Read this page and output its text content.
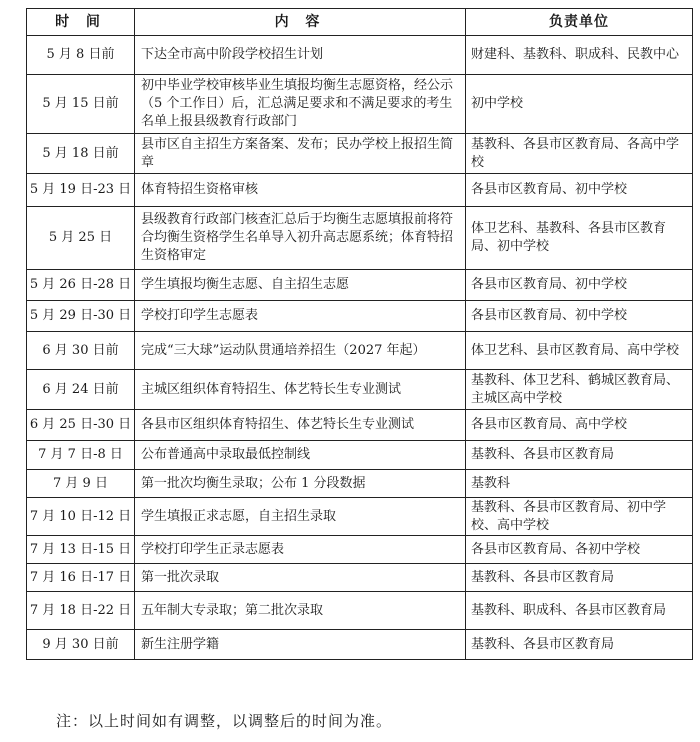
时 间	内 容	负责单位
5 月 8 日前	下达全市高中阶段学校招生计划	财建科、基教科、职成科、民教中心
5 月 15 日前	初中毕业学校审核毕业生填报均衡生志愿资格，经公示（5 个工作日）后，汇总满足要求和不满足要求的考生名单上报县级教育行政部门	初中学校
5 月 18 日前	县市区自主招生方案备案、发布；民办学校上报招生简章	基教科、各县市区教育局、各高中学校
5 月 19 日-23 日	体育特招生资格审核	各县市区教育局、初中学校
5 月 25 日	县级教育行政部门核查汇总后于均衡生志愿填报前将符合均衡生资格学生名单导入初升高志愿系统；体育特招生资格审定	体卫艺科、基教科、各县市区教育局、初中学校
5 月 26 日-28 日	学生填报均衡生志愿、自主招生志愿	各县市区教育局、初中学校
5 月 29 日-30 日	学校打印学生志愿表	各县市区教育局、初中学校
6 月 30 日前	完成“三大球”运动队贯通培养招生（2027 年起）	体卫艺科、县市区教育局、高中学校
6 月 24 日前	主城区组织体育特招生、体艺特长生专业测试	基教科、体卫艺科、鹤城区教育局、主城区高中学校
6 月 25 日-30 日	各县市区组织体育特招生、体艺特长生专业测试	各县市区教育局、高中学校
7 月 7 日-8 日	公布普通高中录取最低控制线	基教科、各县市区教育局
7 月 9 日	第一批次均衡生录取；公布 1 分段数据	基教科
7 月 10 日-12 日	学生填报正求志愿，自主招生录取	基教科、各县市区教育局、初中学校、高中学校
7 月 13 日-15 日	学校打印学生正录志愿表	各县市区教育局、各初中学校
7 月 16 日-17 日	第一批次录取	基教科、各县市区教育局
7 月 18 日-22 日	五年制大专录取；第二批次录取	基教科、职成科、各县市区教育局
9 月 30 日前	新生注册学籍	基教科、各县市区教育局
注：以上时间如有调整，以调整后的时间为准。
